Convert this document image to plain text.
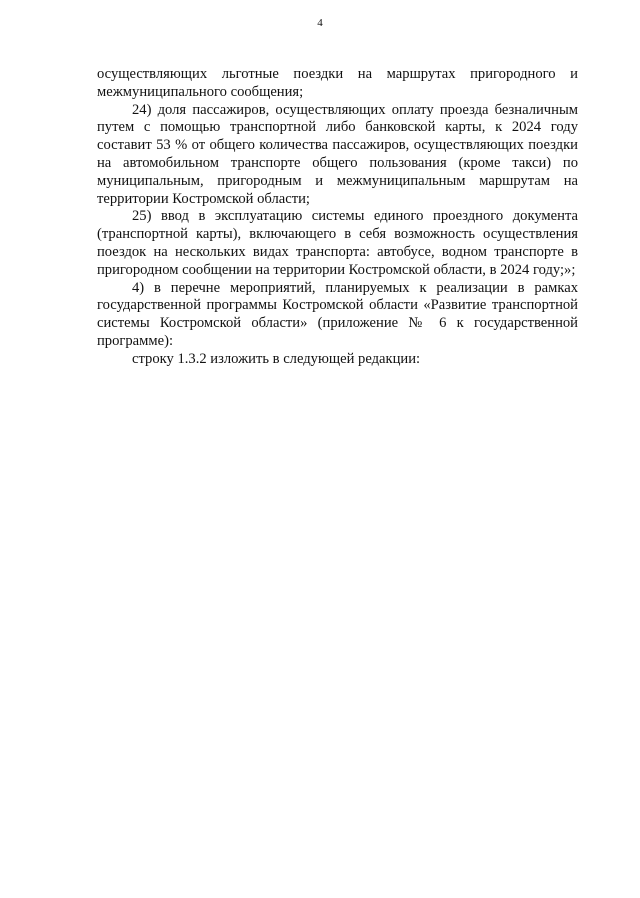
4

осуществляющих льготные поездки на маршрутах пригородного и межмуниципального сообщения;

24) доля пассажиров, осуществляющих оплату проезда безналичным путем с помощью транспортной либо банковской карты, к 2024 году составит 53 % от общего количества пассажиров, осуществляющих поездки на автомобильном транспорте общего пользования (кроме такси) по муниципальным, пригородным и межмуниципальным маршрутам на территории Костромской области;

25) ввод в эксплуатацию системы единого проездного документа (транспортной карты), включающего в себя возможность осуществления поездок на нескольких видах транспорта: автобусе, водном транспорте в пригородном сообщении на территории Костромской области, в 2024 году;»;

4) в перечне мероприятий, планируемых к реализации в рамках государственной программы Костромской области «Развитие транспортной системы Костромской области» (приложение № 6 к государственной программе):

строку 1.3.2 изложить в следующей редакции:
